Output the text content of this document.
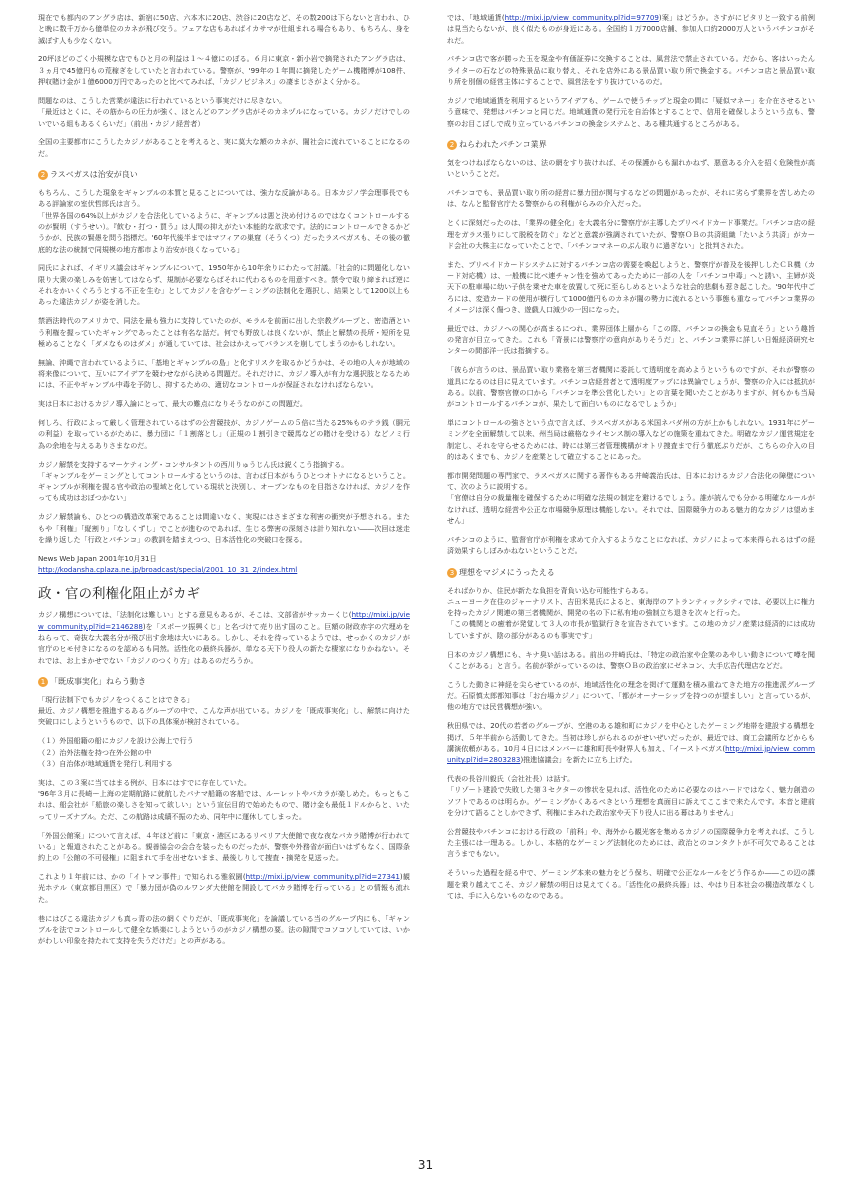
現在でも都内のアングラ店は、新宿に50店、六本木に20店、渋谷に20店など、その数200は下らないと言われ、ひと晩に数千万から億単位のカネが飛び交う。フェアな店もあればイカサマが仕組まれる場合もあり、もちろん、身を滅ぼす人も少なくない。

20坪ほどのごく小規模な店でもひと月の利益は１～４億にのぼる。６月に東京・新小岩で摘発されたアングラ店は、３ヵ月で45億円もの荒稼ぎをしていたと言われている。警察が、'99年の１年間に摘発したゲーム機賭博が108件、押収賭け金が１億6000万円であったのと比べてみれば、「カジノビジネス」の凄まじさがよく分かる。

問題なのは、こうした営業が違法に行われているという事実だけに尽きない。
「最近はとくに、その筋からの圧力が強く、ほとんどのアングラ店がそのカネヅルになっている。カジノだけでしのいでいる組もあるくらいだ」（前出・カジノ経営者）

全国の主要都市にこうしたカジノがあることを考えると、実に莫大な額のカネが、闇社会に流れていることになるのだ。

2 ラスベガスは治安が良い

もちろん、こうした現象をギャンブルの本質と見ることについては、強力な反論がある。日本カジノ学会理事長でもある評論家の室伏哲郎氏は言う。
「世界各国の64%以上がカジノを合法化しているように、ギャンブルは悪と決め付けるのではなくコントロールするのが賢明（すうせい）。『飲む・打つ・買う』は人間の抑えがたい本能的な欲求です。法的にコントロールできるかどうかが、民族の賢愚を問う指標だ。'60年代後半まではマフィアの巣窟（そうくつ）だったラスベガスも、その後の徹底的な法の統制で同規模の地方都市より治安が良くなっている」

同氏によれば、イギリス議会はギャンブルについて、1950年から10年余りにわたって討議。「社会的に問題化しない限り大衆の楽しみを妨害してはならず、規制が必要ならばそれに代わるものを用意すべき。禁令で取り締まれば逆にそれをかいくぐろうとする不正を生む」としてカジノを含むゲーミングの法制化を選択し、結果として1200以上もあった違法カジノが姿を消した。

禁酒法時代のアメリカで、同法を最も強力に支持していたのが、モラルを前面に出した宗教グループと、密造酒という利権を握っていたギャングであったことは有名な話だ。何でも野放しは良くないが、禁止と解禁の長所・短所を見極めることなく「ダメなものはダメ」が通していては、社会はかえってバランスを崩してしまうのかもしれない。

無論、沖縄で言われているように、「基地とギャンブルの島」と化すリスクを取るかどうかは、その地の人々が地域の将来像について、互いにアイデアを競わせながら決める問題だ。それだけに、カジノ導入が有力な選択肢となるためには、不正やギャンブル中毒を予防し、抑するための、適切なコントロールが保証されなければならない。

実は日本におけるカジノ導入論にとって、最大の難点になりそうなのがこの問題だ。

何しろ、行政によって厳しく管理されているはずの公営競技が、カジノゲームの５倍に当たる25%ものテラ銭（胴元の利益）を取っているがために、暴力団に「１割落とし」（正規の１割引きで競馬などの賭けを受ける）などノミ行為の余地を与えるありさまなのだ。

カジノ解禁を支持するマーケティング・コンサルタントの西川りゅうじん氏は鋭くこう指摘する。
「ギャンブルをゲーミングとしてコントロールするというのは、言わば日本がもうひとつオトナになるということ。ギャンブルが利権を握る官や政治の聖域と化している現状と決別し、オープンなものを目指さなければ、カジノを作っても成功はおぼつかない」

カジノ解禁論も、ひとつの構造改革案であることは間違いなく、実現にはさまざまな利害の衝突が予想される。またもや「利権」「縦割り」「なしくずし」でことが進むのであれば、生じる弊害の深刻さは計り知れない――次回は迷走を繰り返した「行政とパチンコ」の教訓を踏まえつつ、日本活性化の突破口を探る。

News Web Japan 2001年10月31日
http://kodansha.cplaza.ne.jp/broadcast/special/2001_10_31_2/index.html
政・官の利権化阻止がカギ

カジノ構想については、「法制化は難しい」とする意見もあるが、そこは、文部省がサッカーくじ(http://mixi.jp/view_community.pl?id=2146288)を「スポーツ振興くじ」と名づけて売り出す国のこと。巨額の財政赤字の穴埋めをねらって、奇抜な大義名分が飛び出す余地は大いにある。しかし、それを待っているようでは、せっかくのカジノが官庁のヒモ付きになるのを認めるも同然。活性化の最終兵器が、単なる天下り役人の新たな棲家になりかねない。それでは、お上まかせでない「カジノのつくり方」はあるのだろうか。

1 「既成事実化」ねらう動き

「現行法制下でもカジノをつくることはできる」
最近、カジノ構想を推進するあるグループの中で、こんな声が出ている。カジノを「既成事実化」し、解禁に向けた突破口にしようというもので、以下の具体案が検討されている。

（１）外国船籍の船にカジノを設け公海上で行う
（２）治外法権を持つ在外公館の中
（３）自治体が地域通貨を発行し利用する

実は、この３案に当てはまる例が、日本にはすでに存在していた。
'96年３月に長崎ー上海の定期航路に就航したパナマ船籍の客船では、ルーレットやバカラが楽しめた。もっともこれは、船会社が「船旅の楽しさを知って欲しい」という宣伝目的で始めたもので、賭け金も最低１ドルからと、いたってリーズナブル。ただ、この航路は成績不振のため、同年中に運休してしまった。

「外国公館案」について言えば、４年ほど前に「東京・港区にあるリベリア大使館で夜な夜なバカラ賭博が行われている」と報道されたことがある。親善協会の会合を装ったものだったが、警察や外務省が面白いはずもなく、国際条約上の「公館の不可侵権」に阻まれて手を出せないまま、最後しりして捜査・摘発を見送った。

これより１年前には、かの「イトマン事件」で知られる雅叙園(http://mixi.jp/view_community.pl?id=27341)観光ホテル（東京都目黒区）で「暴力団が偽のルワンダ大使館を開設してバカラ賭博を行っている」との情報も流れた。

巷にはびこる違法カジノも真っ青の法の網くぐりだが、「既成事実化」を論議している当のグループ内にも、「ギャンブルを法でコントロールして健全な娯楽にしようというのがカジノ構想の要。法の隙間でコソコソしていては、いかがわしい印象を持たれて支持を失うだけだ」との声がある。

では、「地域通貨(http://mixi.jp/view_community.pl?id=97709)案」はどうか。さすがにピタリと一致する前例は見当たらないが、良く似たものが身近にある。全国約１万7000店舗、参加人口約2000万人というパチンコがそれだ。

パチンコ店で客が勝った玉を現金や有価証券に交換することは、風営法で禁止されている。だから、客はいったんライターの石などの特殊景品に取り替え、それを店外にある景品買い取り所で換金する。パチンコ店と景品買い取り所を別個の経営主体にすることで、風営法をすり抜けているのだ。

カジノで地域通貨を利用するというアイデアも、ゲームで使うチップと現金の間に「疑似マネー」を介在させるという意味で、発想はパチンコと同じだ。地域通貨の発行元を自治体とすることで、信用を確保しようという点も、警察のお目こぼしで成り立っているパチンコの換金システムと、ある種共通するところがある。

2 ねらわれたパチンコ業界

気をつけねばならないのは、法の網をすり抜ければ、その保護からも漏れかねず、悪意ある介入を招く危険性が高いということだ。

パチンコでも、景品買い取り所の経営に暴力団が関与するなどの問題があったが、それに劣らず業界を苦しめたのは、なんと監督官庁たる警察からの利権がらみの介入だった。

とくに深刻だったのは、「業界の健全化」を大義名分に警察庁が主導したプリペイドカード事業だ。「パチンコ店の経理をガラス張りにして脱税を防ぐ」などと意義が強調されていたが、警察ＯＢの共済組織「たいよう共済」がカード会社の大株主になっていたことで、「パチンコマネーのぶん取りに過ぎない」と批判された。

また、プリペイドカードシステムに対するパチンコ店の需要を喚起しようと、警察庁が普及を後押ししたＣＲ機（カード対応機）は、一般機に比べ連チャン性を強めてあったために一部の人を「パチンコ中毒」へと誘い、主婦が炎天下の駐車場に幼い子供を乗せた車を放置して死に至らしめるといような社会的悲劇も惹き起こした。'90年代中ごろには、変造カードの使用が横行して1000億円ものカネが闇の勢力に流れるという事態も重なってパチンコ業界のイメージは深く傷つき、遊戯人口減少の一因になった。

最近では、カジノへの関心が高まるにつれ、業界団体上層から「この際、パチンコの換金も見直そう」という趣旨の発言が目立ってきた。これも「背景には警察庁の意向がありそうだ」と、パチンコ業界に詳しい日報経済研究センターの間部洋一氏は指摘する。

「彼らが言うのは、景品買い取り業務を第三者機関に委託して透明度を高めようというものですが、それが警察の道具になるのは目に見えています。パチンコ店経営者とて透明度アップには異論でしょうが、警察の介入には抵抗がある。以前、警察官僚の口から「パチンコを準公営化したい」との言葉を聞いたことがありますが、何もかも当局がコントロールするパチンコが、果たして面白いものになるでしょうか」

単にコントロールの強さという点で言えば、ラスベガスがある米国ネバダ州の方が上かもしれない。1931年にゲーミングを全面解禁して以来、州当局は厳格なライセンス制の導入などの施策を重ねてきた。明確なカジノ運営規定を制定し、それを守らせるためには、時には第三者管理機構がオトリ捜査まで行う徹底ぶりだが、こちらの介入の目的はあくまでも、カジノを産業として確立することにあった。

都市開発問題の専門家で、ラスベガスに関する著作もある井崎義治氏は、日本におけるカジノ合法化の障壁について、次のように説明する。
「官僚は自分の裁量権を確保するために明確な法規の制定を避けるでしょう。誰が読んでも分かる明確なルールがなければ、透明な経営や公正な市場競争原理は機能しない。それでは、国際競争力のある魅力的なカジノは望めません」

パチンコのように、監督官庁が利権を求めて介入するようなことになれば、カジノによって本来得られるはずの経済効果すらしぼみかねないということだ。

3 理想をマジメにうったえる

そればかりか、住民が新たな負担を背負い込む可能性すらある。
ニューヨーク在住のジャーナリスト、吉田米晃氏によると、東海岸のアトランティックシティでは、必要以上に権力を持ったカジノ関連の第三者機関が、開発の名の下に私有地の強制立ち退きを次々と行った。
「この機関との癒着が発覚して３人の市長が監獄行きを宣告されています。この地のカジノ産業は経済的には成功していますが、陰の部分があるのも事実です」

日本のカジノ構想にも、キナ臭い話はある。前出の井崎氏は、「特定の政治家や企業のあやしい動きについて噂を聞くことがある」と言う。名前が挙がっているのは、警察ＯＢの政治家にゼネコン、大手広告代理店などだ。

こうした動きに神経を尖らせているのが、地域活性化の理念を掲げて運動を積み重ねてきた地方の推進派グループだ。石原慎太郎都知事は「お台場カジノ」について、「都がオーナーシップを持つのが望ましい」と言っているが、他の地方では民営構想が強い。

秋田県では、20代の若者のグループが、空港のある雄和町にカジノを中心としたゲーミング地帯を建設する構想を掲げ、５年半前から活動してきた。当初は珍しがられるのがせいぜいだったが、最近では、商工会議所などからも講演依頼がある。10月４日にはメンバーに雄和町長や財界人も加え、「イーストベガス(http://mixi.jp/view_community.pl?id=2803283)推進協議会」を新たに立ち上げた。

代表の長谷川毅氏（会社社長）は話す。
「リゾート建設で失敗した第３セクターの惨状を見れば、活性化のために必要なのはハードではなく、魅力創造のソフトであるのは明らか。ゲーミングかくあるべきという理想を真面目に訴えてここまで来たんです。本音と建前を分けて語ることしかできず、利権にまみれた政治家や天下り役人に出る幕はありません」

公営競技やパチンコにおける行政の「前科」や、海外から観光客を集めるカジノの国際競争力を考えれば、こうした主張には一理ある。しかし、本格的なゲーミング法制化のためには、政治とのコンタクトが不可欠であることは言うまでもない。

そういった過程を経る中で、ゲーミング本来の魅力をどう保ち、明確で公正なルールをどう作るか――この辺の課題を乗り越えてこそ、カジノ解禁の明日は見えてくる。「活性化の最終兵器」は、やはり日本社会の構造改革なくしては、手に入らないものなのである。

31
